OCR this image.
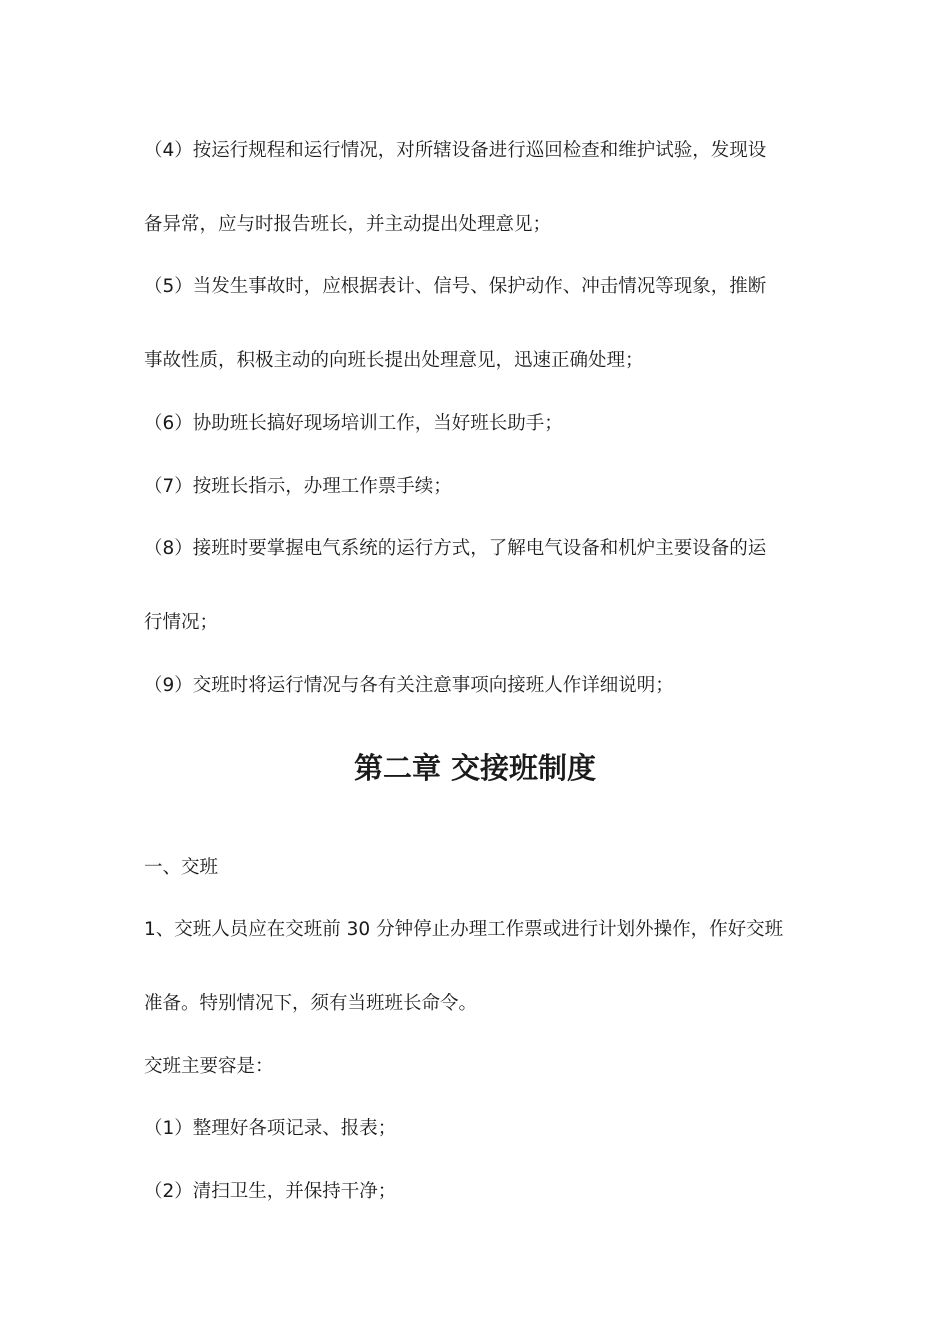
（4）按运行规程和运行情况，对所辖设备进行巡回检查和维护试验，发现设
备异常，应与时报告班长，并主动提出处理意见；
（5）当发生事故时，应根据表计、信号、保护动作、冲击情况等现象，推断
事故性质，积极主动的向班长提出处理意见，迅速正确处理；
（6）协助班长搞好现场培训工作，当好班长助手；
（7）按班长指示，办理工作票手续；
（8）接班时要掌握电气系统的运行方式，了解电气设备和机炉主要设备的运
行情况；
（9）交班时将运行情况与各有关注意事项向接班人作详细说明；
第二章 交接班制度
一、交班
1、交班人员应在交班前 30 分钟停止办理工作票或进行计划外操作，作好交班
准备。特别情况下，须有当班班长命令。
交班主要容是：
（1）整理好各项记录、报表；
（2）清扫卫生，并保持干净；
